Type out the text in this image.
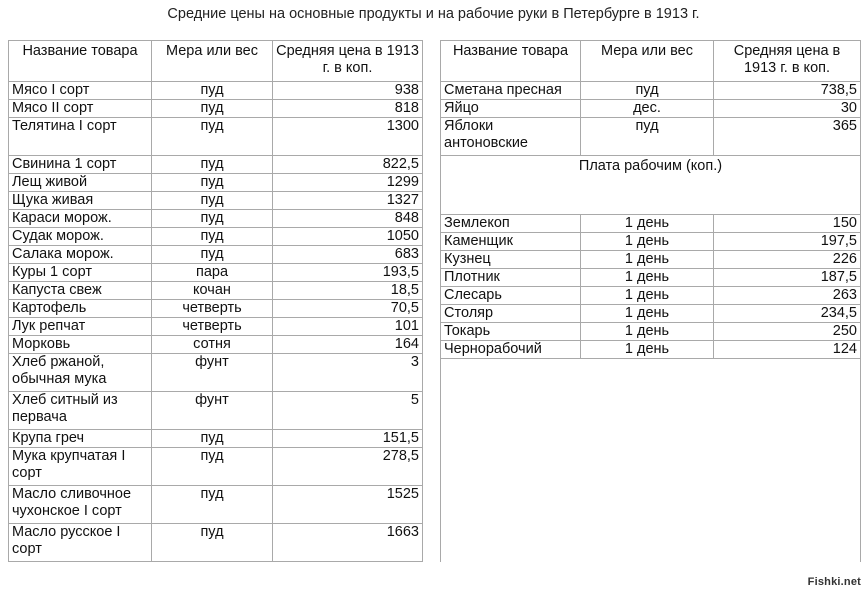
Средние цены на основные продукты и на рабочие руки в Петербурге в 1913 г.
Название товара	Мера или вес	Средняя цена в 1913 г. в коп.
Мясо I сорт	пуд	938
Мясо II сорт	пуд	818
Телятина I сорт	пуд	1300
Свинина 1 сорт	пуд	822,5
Лещ живой	пуд	1299
Щука живая	пуд	1327
Караси морож.	пуд	848
Судак морож.	пуд	1050
Салака морож.	пуд	683
Куры 1 сорт	пара	193,5
Капуста свеж	кочан	18,5
Картофель	четверть	70,5
Лук репчат	четверть	101
Морковь	сотня	164
Хлеб ржаной, обычная мука	фунт	3
Хлеб ситный из первача	фунт	5
Крупа греч	пуд	151,5
Мука крупчатая I сорт	пуд	278,5
Масло сливочное чухонское I сорт	пуд	1525
Масло русское I сорт	пуд	1663
Название товара	Мера или вес	Средняя цена в 1913 г. в коп.
Сметана пресная	пуд	738,5
Яйцо	дес.	30
Яблоки антоновские	пуд	365
Плата рабочим (коп.)		
Землекоп	1 день	150
Каменщик	1 день	197,5
Кузнец	1 день	226
Плотник	1 день	187,5
Слесарь	1 день	263
Столяр	1 день	234,5
Токарь	1 день	250
Чернорабочий	1 день	124

Fishki.net
